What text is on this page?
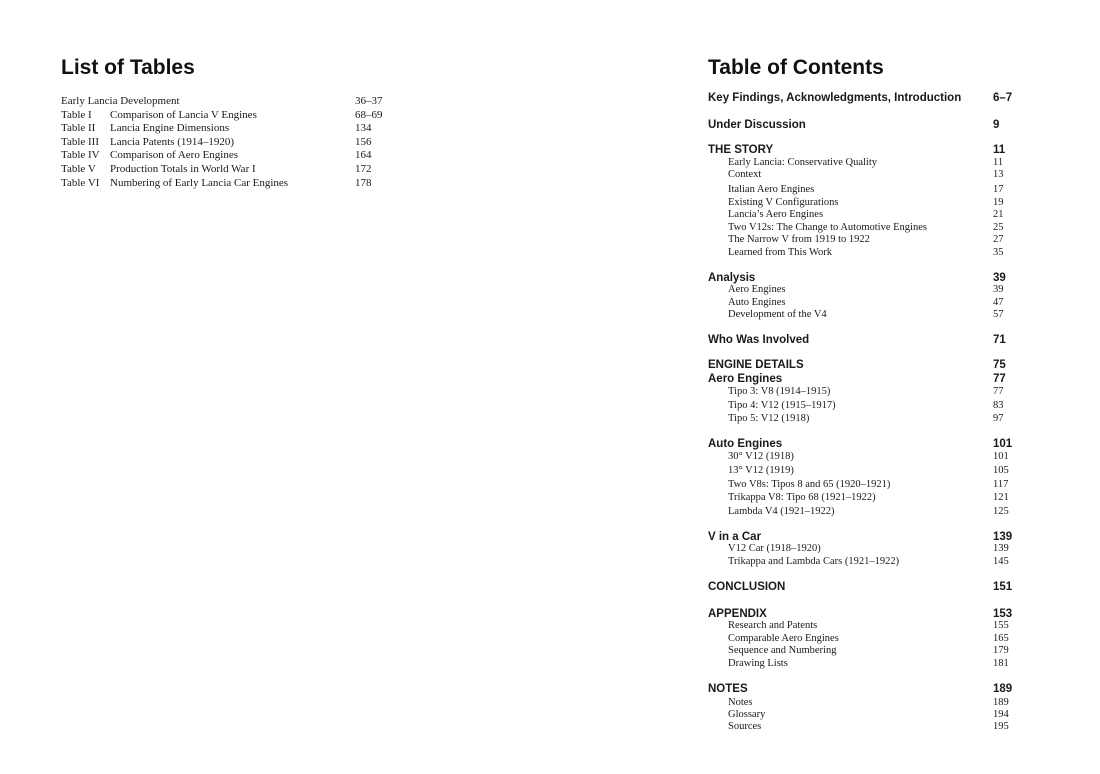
List of Tables
Early Lancia Development	36–37
Table I Comparison of Lancia V Engines	68–69
Table II Lancia Engine Dimensions	134
Table III Lancia Patents (1914–1920)	156
Table IV Comparison of Aero Engines	164
Table V Production Totals in World War I	172
Table VI Numbering of Early Lancia Car Engines	178
Table of Contents
Key Findings, Acknowledgments, Introduction	6–7
Under Discussion	9
THE STORY	11
Early Lancia: Conservative Quality	11
Context	13
Italian Aero Engines	17
Existing V Configurations	19
Lancia’s Aero Engines	21
Two V12s: The Change to Automotive Engines	25
The Narrow V from 1919 to 1922	27
Learned from This Work	35
Analysis	39
Aero Engines	39
Auto Engines	47
Development of the V4	57
Who Was Involved	71
ENGINE DETAILS	75
Aero Engines	77
Tipo 3: V8 (1914–1915)	77
Tipo 4: V12 (1915–1917)	83
Tipo 5: V12 (1918)	97
Auto Engines	101
30° V12 (1918)	101
13° V12 (1919)	105
Two V8s: Tipos 8 and 65 (1920–1921)	117
Trikappa V8: Tipo 68 (1921–1922)	121
Lambda V4 (1921–1922)	125
V in a Car	139
V12 Car (1918–1920)	139
Trikappa and Lambda Cars (1921–1922)	145
CONCLUSION	151
APPENDIX	153
Research and Patents	155
Comparable Aero Engines	165
Sequence and Numbering	179
Drawing Lists	181
NOTES	189
Notes	189
Glossary	194
Sources	195
